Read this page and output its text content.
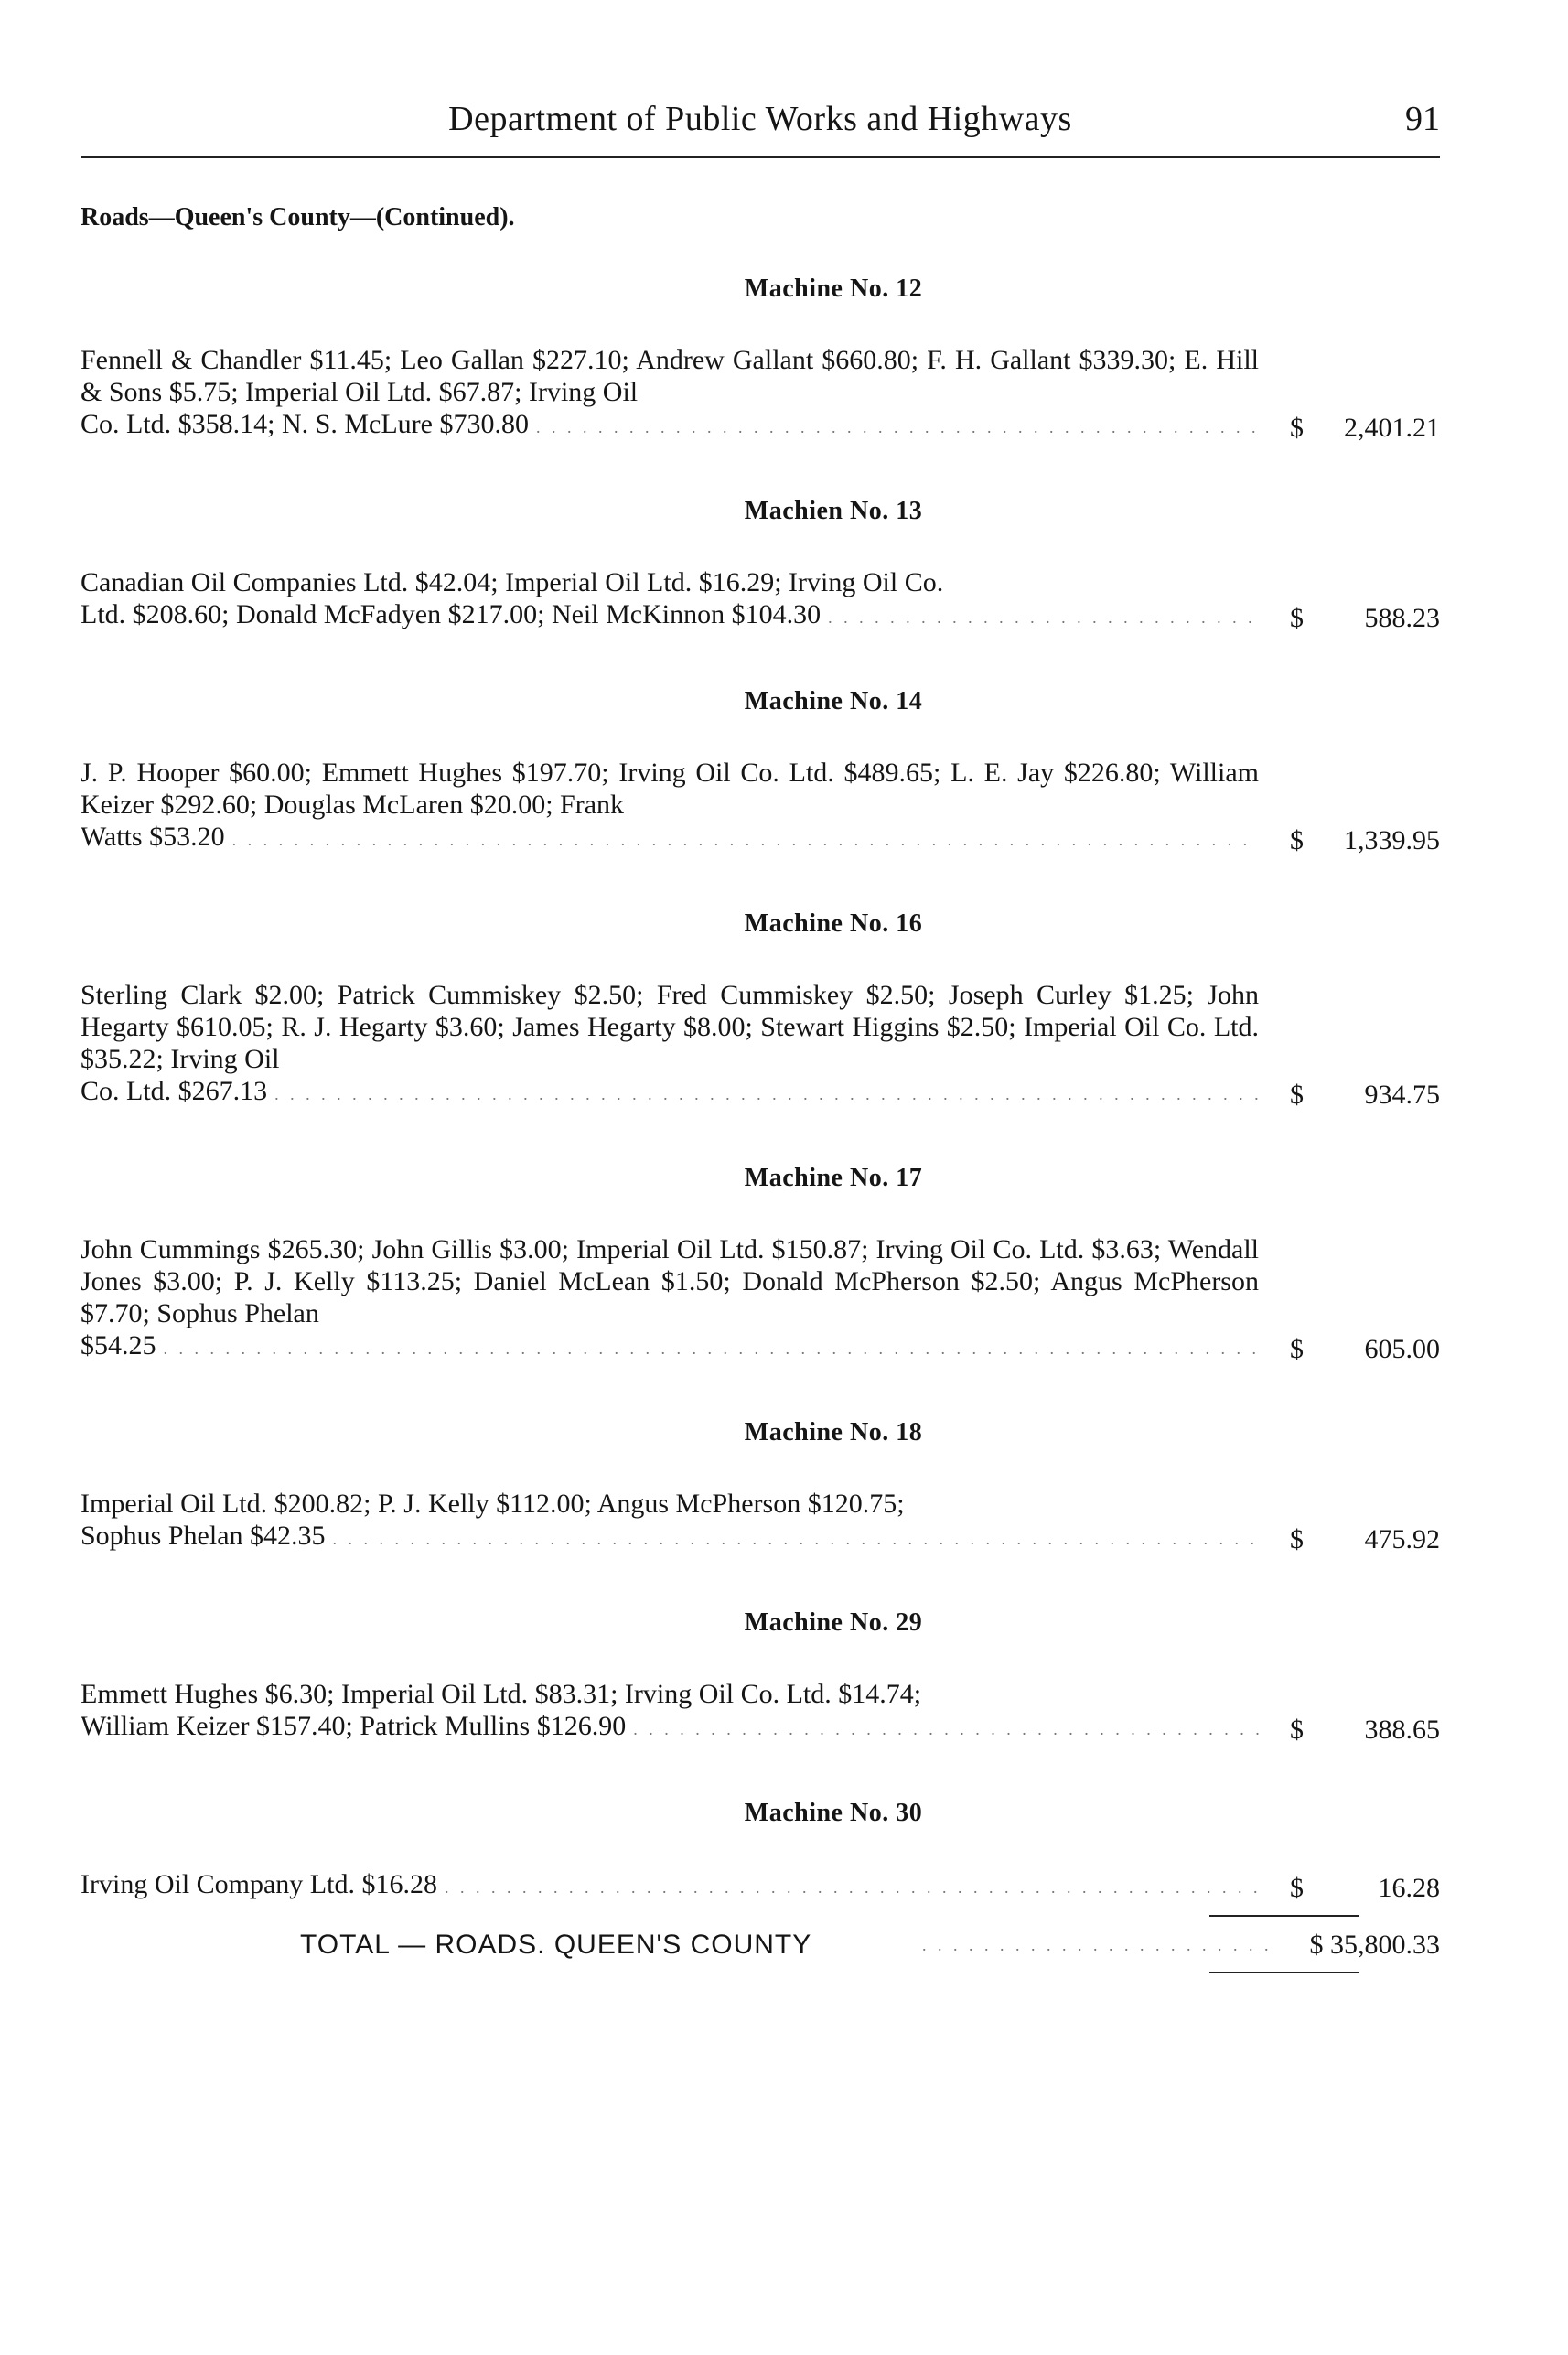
Department of Public Works and Highways	91
Roads—Queen's County—(Continued).
Machine No. 12

Fennell & Chandler $11.45; Leo Gallan $227.10; Andrew Gallant $660.80; F. H. Gallant $339.30; E. Hill & Sons $5.75; Imperial Oil Ltd. $67.87; Irving Oil

Co. Ltd. $358.14; N. S. McLure $730.80 . . .	$	2,401.21
Machien No. 13

Canadian Oil Companies Ltd. $42.04; Imperial Oil Ltd. $16.29; Irving Oil Co.

Ltd. $208.60; Donald McFadyen $217.00; Neil McKinnon $104.30 . . .	$	588.23
Machine No. 14

J. P. Hooper $60.00; Emmett Hughes $197.70; Irving Oil Co. Ltd. $489.65; L. E. Jay $226.80; William Keizer $292.60; Douglas McLaren $20.00; Frank

Watts $53.20 . . .	$	1,339.95
Machine No. 16

Sterling Clark $2.00; Patrick Cummiskey $2.50; Fred Cummiskey $2.50; Joseph Curley $1.25; John Hegarty $610.05; R. J. Hegarty $3.60; James Hegarty $8.00; Stewart Higgins $2.50; Imperial Oil Co. Ltd. $35.22; Irving Oil

Co. Ltd. $267.13 . . .	$	934.75
Machine No. 17

John Cummings $265.30; John Gillis $3.00; Imperial Oil Ltd. $150.87; Irving Oil Co. Ltd. $3.63; Wendall Jones $3.00; P. J. Kelly $113.25; Daniel McLean $1.50; Donald McPherson $2.50; Angus McPherson $7.70; Sophus Phelan

$54.25 . . .	$	605.00
Machine No. 18

Imperial Oil Ltd. $200.82; P. J. Kelly $112.00; Angus McPherson $120.75;

Sophus Phelan $42.35 . . .	$	475.92
Machine No. 29

Emmett Hughes $6.30; Imperial Oil Ltd. $83.31; Irving Oil Co. Ltd. $14.74;

William Keizer $157.40; Patrick Mullins $126.90 . . .	$	388.65
Machine No. 30
Irving Oil Company Ltd. $16.28 . . .	$	16.28
TOTAL — ROADS. QUEEN'S COUNTY . . .	$ 35,800.33
